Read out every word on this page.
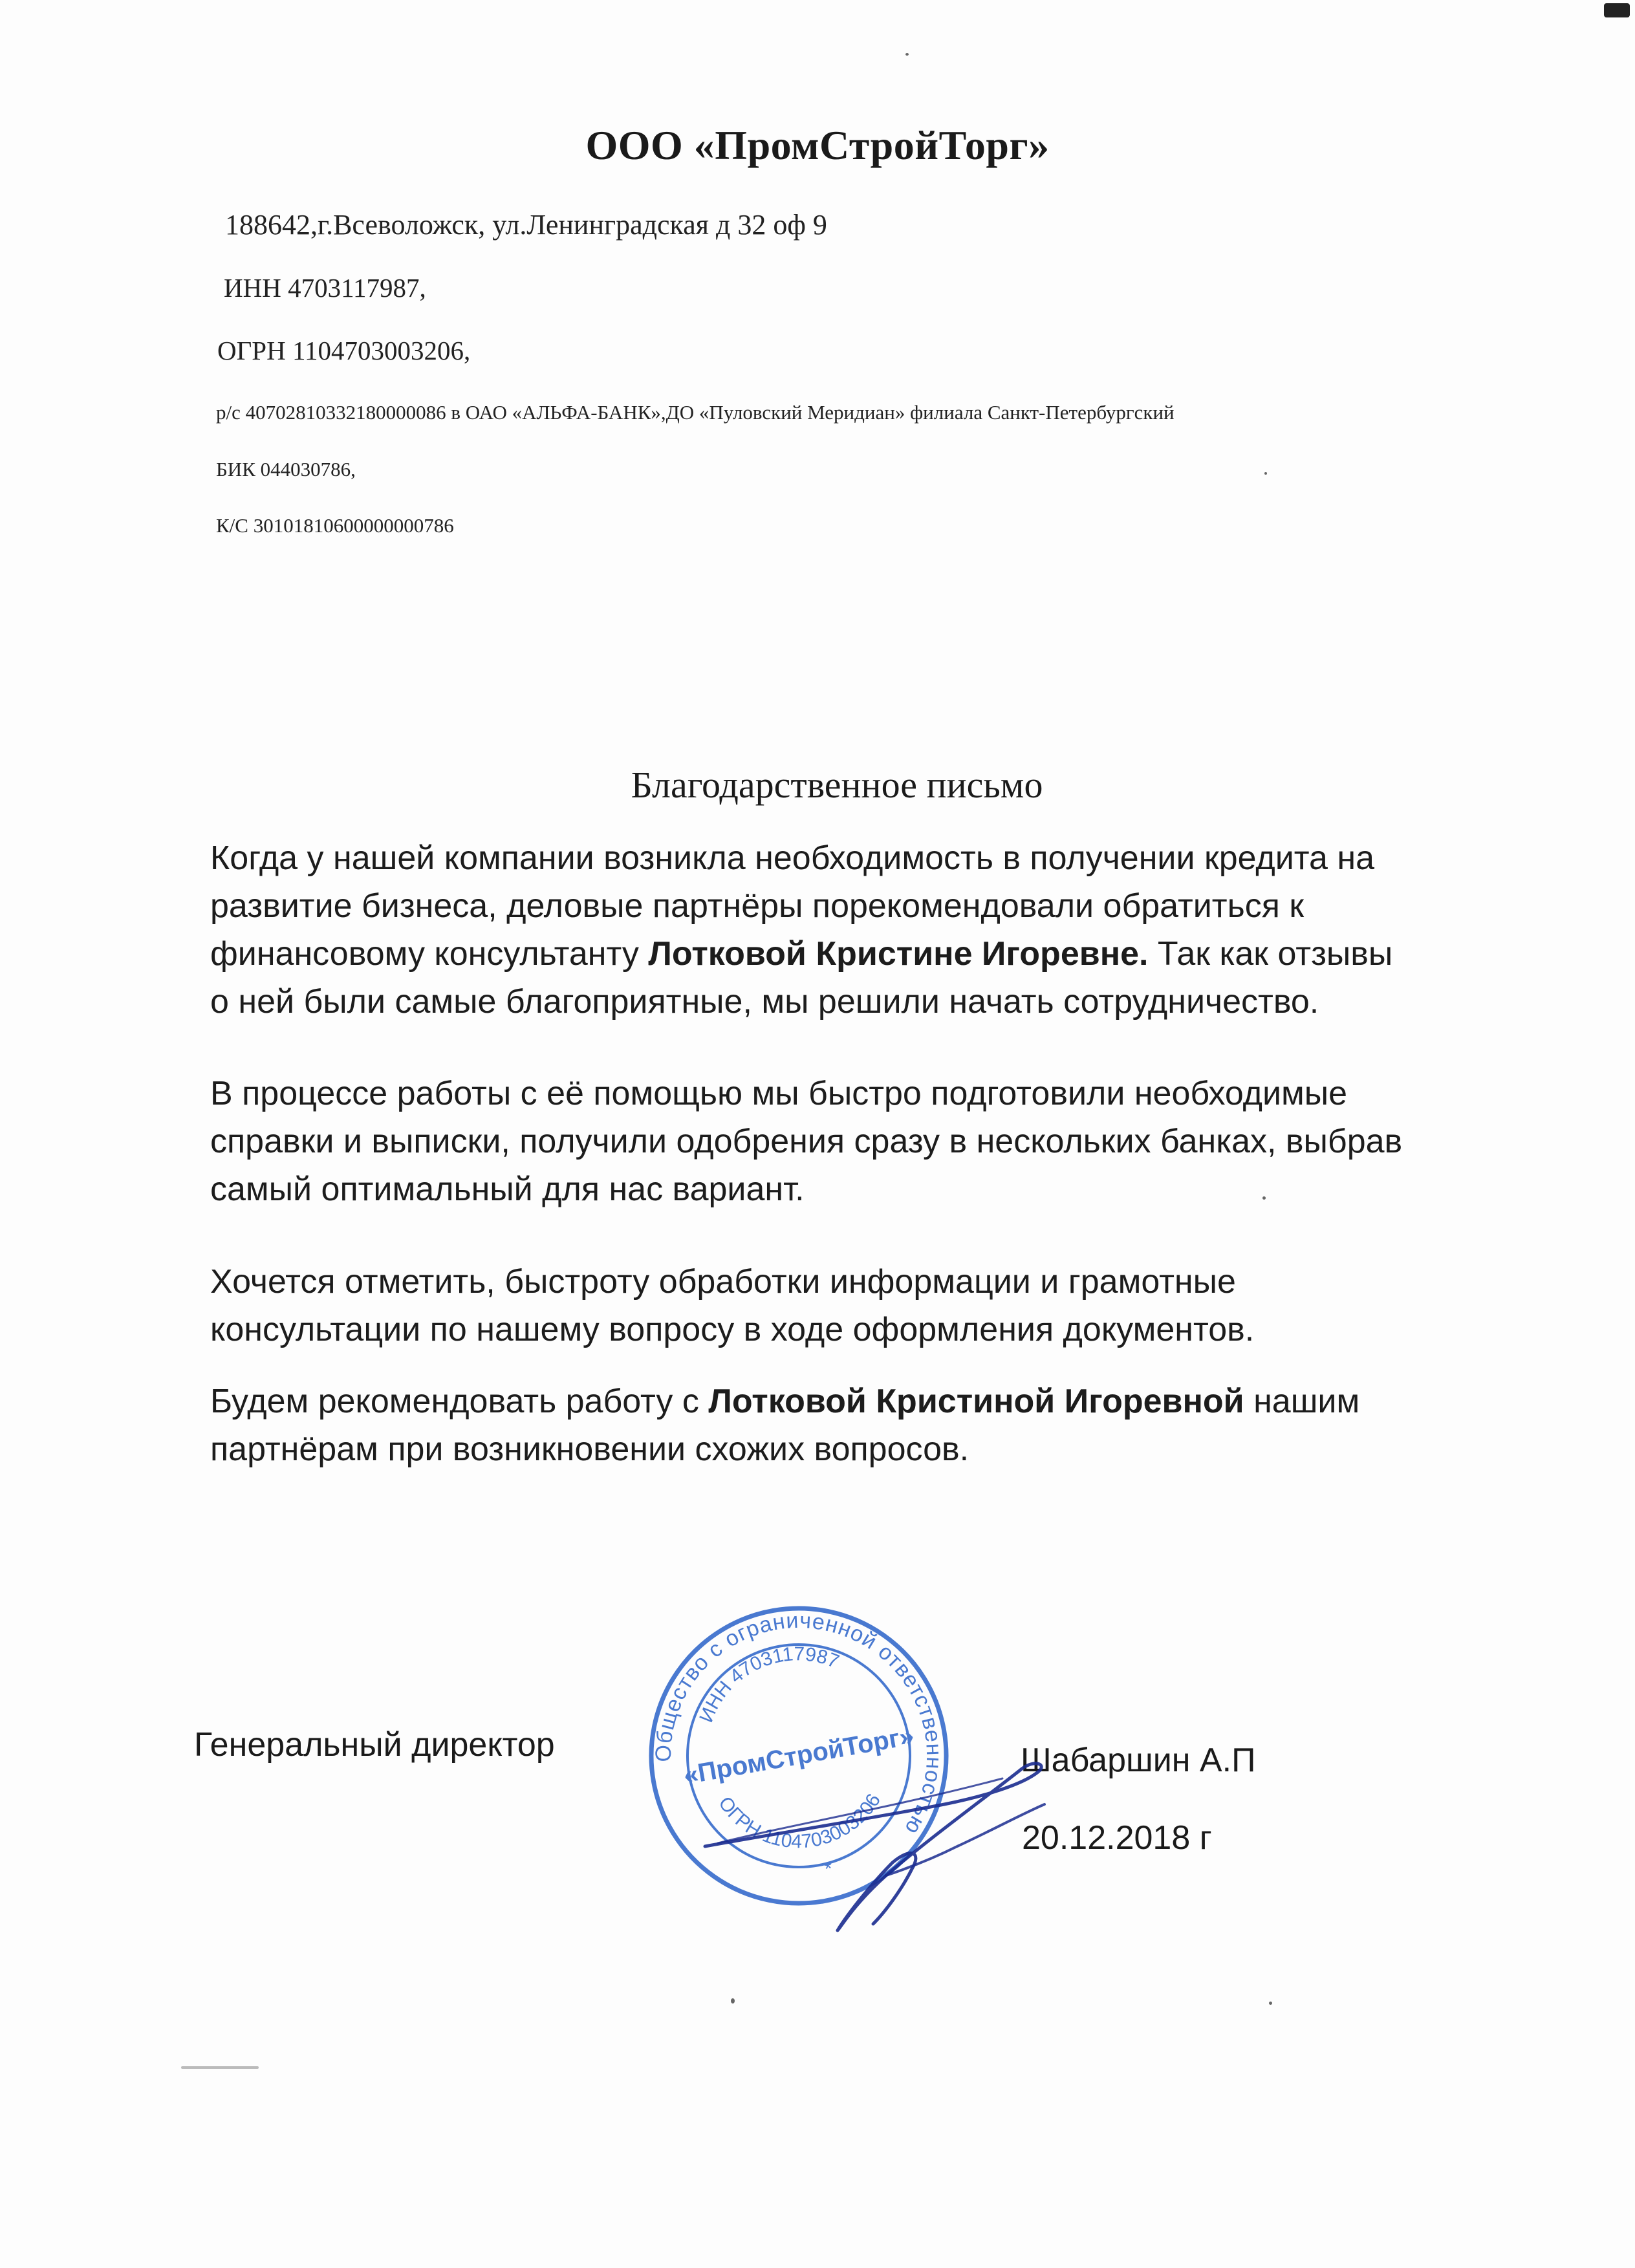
ООО «ПромСтройТорг»
188642,г.Всеволожск, ул.Ленинградская д 32 оф 9
ИНН 4703117987,
ОГРН 1104703003206,
р/с 40702810332180000086 в ОАО «АЛЬФА-БАНК»,ДО «Пуловский Меридиан» филиала Санкт-Петербургский
БИК 044030786,
К/С 30101810600000000786
Благодарственное письмо
Когда у нашей компании возникла необходимость в получении кредита на
развитие бизнеса, деловые партнёры порекомендовали обратиться к
финансовому консультанту Лотковой Кристине Игоревне. Так как отзывы
о ней были самые благоприятные, мы решили начать сотрудничество.
В процессе работы с её помощью мы быстро подготовили необходимые
справки и выписки, получили одобрения сразу в нескольких банках, выбрав
самый оптимальный для нас вариант.
Хочется отметить, быстроту обработки информации и грамотные
консультации по нашему вопросу в ходе оформления документов.
Будем рекомендовать работу с Лотковой Кристиной Игоревной нашим
партнёрам при возникновении схожих вопросов.
Генеральный директор	Шабаршин А.П
20.12.2018 г
Общество с ограниченной ответственностью
ИНН 4703117987
«ПромСтройТорг»
ОГРН 1104703003206
*
